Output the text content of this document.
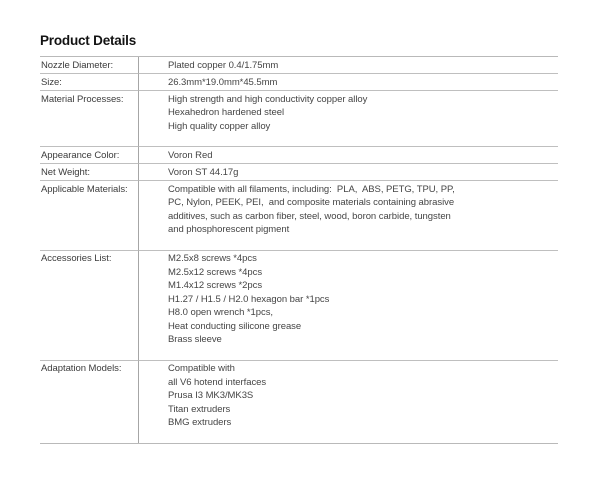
Product Details
Nozzle Diameter:	Plated copper 0.4/1.75mm

Size:	26.3mm*19.0mm*45.5mm

Material Processes:	High strength and high conductivity copper alloy
Hexahedron hardened steel
High quality copper alloy

Appearance Color:	Voron Red

Net Weight:	Voron ST 44.17g

Applicable Materials:	Compatible with all filaments, including:  PLA,  ABS, PETG, TPU, PP,
PC, Nylon, PEEK, PEI,  and composite materials containing abrasive
additives, such as carbon fiber, steel, wood, boron carbide, tungsten
and phosphorescent pigment

Accessories List:	M2.5x8 screws *4pcs
M2.5x12 screws *4pcs
M1.4x12 screws *2pcs
H1.27 / H1.5 / H2.0 hexagon bar *1pcs
H8.0 open wrench *1pcs,
Heat conducting silicone grease
Brass sleeve

Adaptation Models:	Compatible with
all V6 hotend interfaces
Prusa I3 MK3/MK3S
Titan extruders
BMG extruders
